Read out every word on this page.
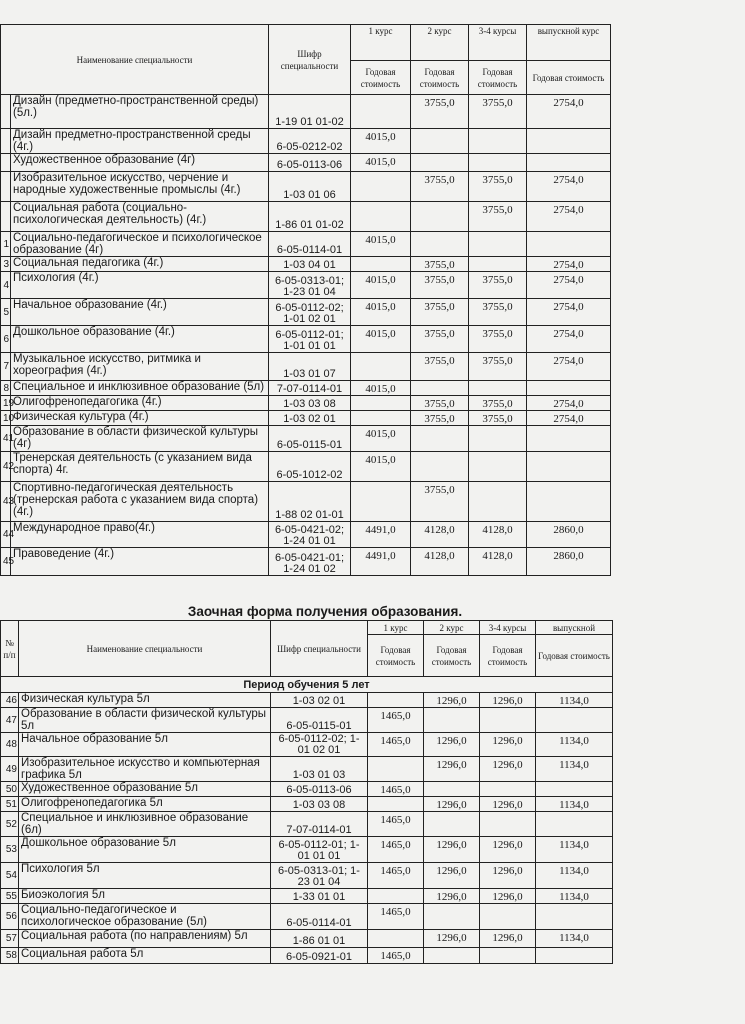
Наименование специальности		Шифр специальности	1 курс	2 курс	3-4 курсы	выпускной курс
			Годовая стоимость	Годовая стоимость	Годовая стоимость	Годовая стоимость
	Дизайн (предметно-пространственной среды) (5л.)	1-19 01 01-02		3755,0	3755,0	2754,0
	Дизайн предметно-пространственной среды (4г.)	6-05-0212-02	4015,0			
	Художественное образование (4г)	6-05-0113-06	4015,0			
	Изобразительное искусство, черчение и народные художественные промыслы (4г.)	1-03 01 06		3755,0	3755,0	2754,0
	Социальная работа (социально-психологическая деятельность) (4г.)	1-86 01 01-02			3755,0	2754,0
1	Социально-педагогическое и психологическое образование (4г)	6-05-0114-01	4015,0			
3	Социальная педагогика (4г.)	1-03 04 01		3755,0		2754,0
4	Психология (4г.)	6-05-0313-01; 1-23 01 04	4015,0	3755,0	3755,0	2754,0
5	Начальное образование (4г.)	6-05-0112-02; 1-01 02 01	4015,0	3755,0	3755,0	2754,0
6	Дошкольное образование (4г.)	6-05-0112-01; 1-01 01 01	4015,0	3755,0	3755,0	2754,0
7	Музыкальное искусство, ритмика и хореография (4г.)	1-03 01 07		3755,0	3755,0	2754,0
8	Специальное и инклюзивное образование (5л)	7-07-0114-01	4015,0			
19	Олигофренопедагогика (4г.)	1-03 03 08		3755,0	3755,0	2754,0
10	Физическая культура (4г.)	1-03 02 01		3755,0	3755,0	2754,0
41	Образование в области физической культуры (4г)	6-05-0115-01	4015,0			
42	Тренерская деятельность (с указанием вида спорта) 4г.	6-05-1012-02	4015,0			
43	Спортивно-педагогическая деятельность (тренерская работа с указанием вида спорта) (4г.)	1-88 02 01-01		3755,0		
44	Международное право(4г.)	6-05-0421-02; 1-24 01 01	4491,0	4128,0	4128,0	2860,0
45	Правоведение (4г.)	6-05-0421-01; 1-24 01 02	4491,0	4128,0	4128,0	2860,0
Заочная форма получения образования.
№ п/п	Наименование специальности	Шифр специальности	1 курс	2 курс	3-4 курсы	выпускной
			Годовая стоимость	Годовая стоимость	Годовая стоимость	Годовая стоимость
Период обучения 5 лет						
46	Физическая культура 5л	1-03 02 01		1296,0	1296,0	1134,0
47	Образование в области физической культуры 5л	6-05-0115-01	1465,0			
48	Начальное образование 5л	6-05-0112-02; 1-01 02 01	1465,0	1296,0	1296,0	1134,0
49	Изобразительное искусство и компьютерная графика 5л	1-03 01 03		1296,0	1296,0	1134,0
50	Художественное образование 5л	6-05-0113-06	1465,0			
51	Олигофренопедагогика 5л	1-03 03 08		1296,0	1296,0	1134,0
52	Специальное и инклюзивное образование (6л)	7-07-0114-01	1465,0			
53	Дошкольное образование 5л	6-05-0112-01; 1-01 01 01	1465,0	1296,0	1296,0	1134,0
54	Психология 5л	6-05-0313-01; 1-23 01 04	1465,0	1296,0	1296,0	1134,0
55	Биоэкология 5л	1-33 01 01		1296,0	1296,0	1134,0
56	Социально-педагогическое и психологическое образование (5л)	6-05-0114-01	1465,0			
57	Социальная работа (по направлениям) 5л	1-86 01 01		1296,0	1296,0	1134,0
58	Социальная работа 5л	6-05-0921-01	1465,0			
